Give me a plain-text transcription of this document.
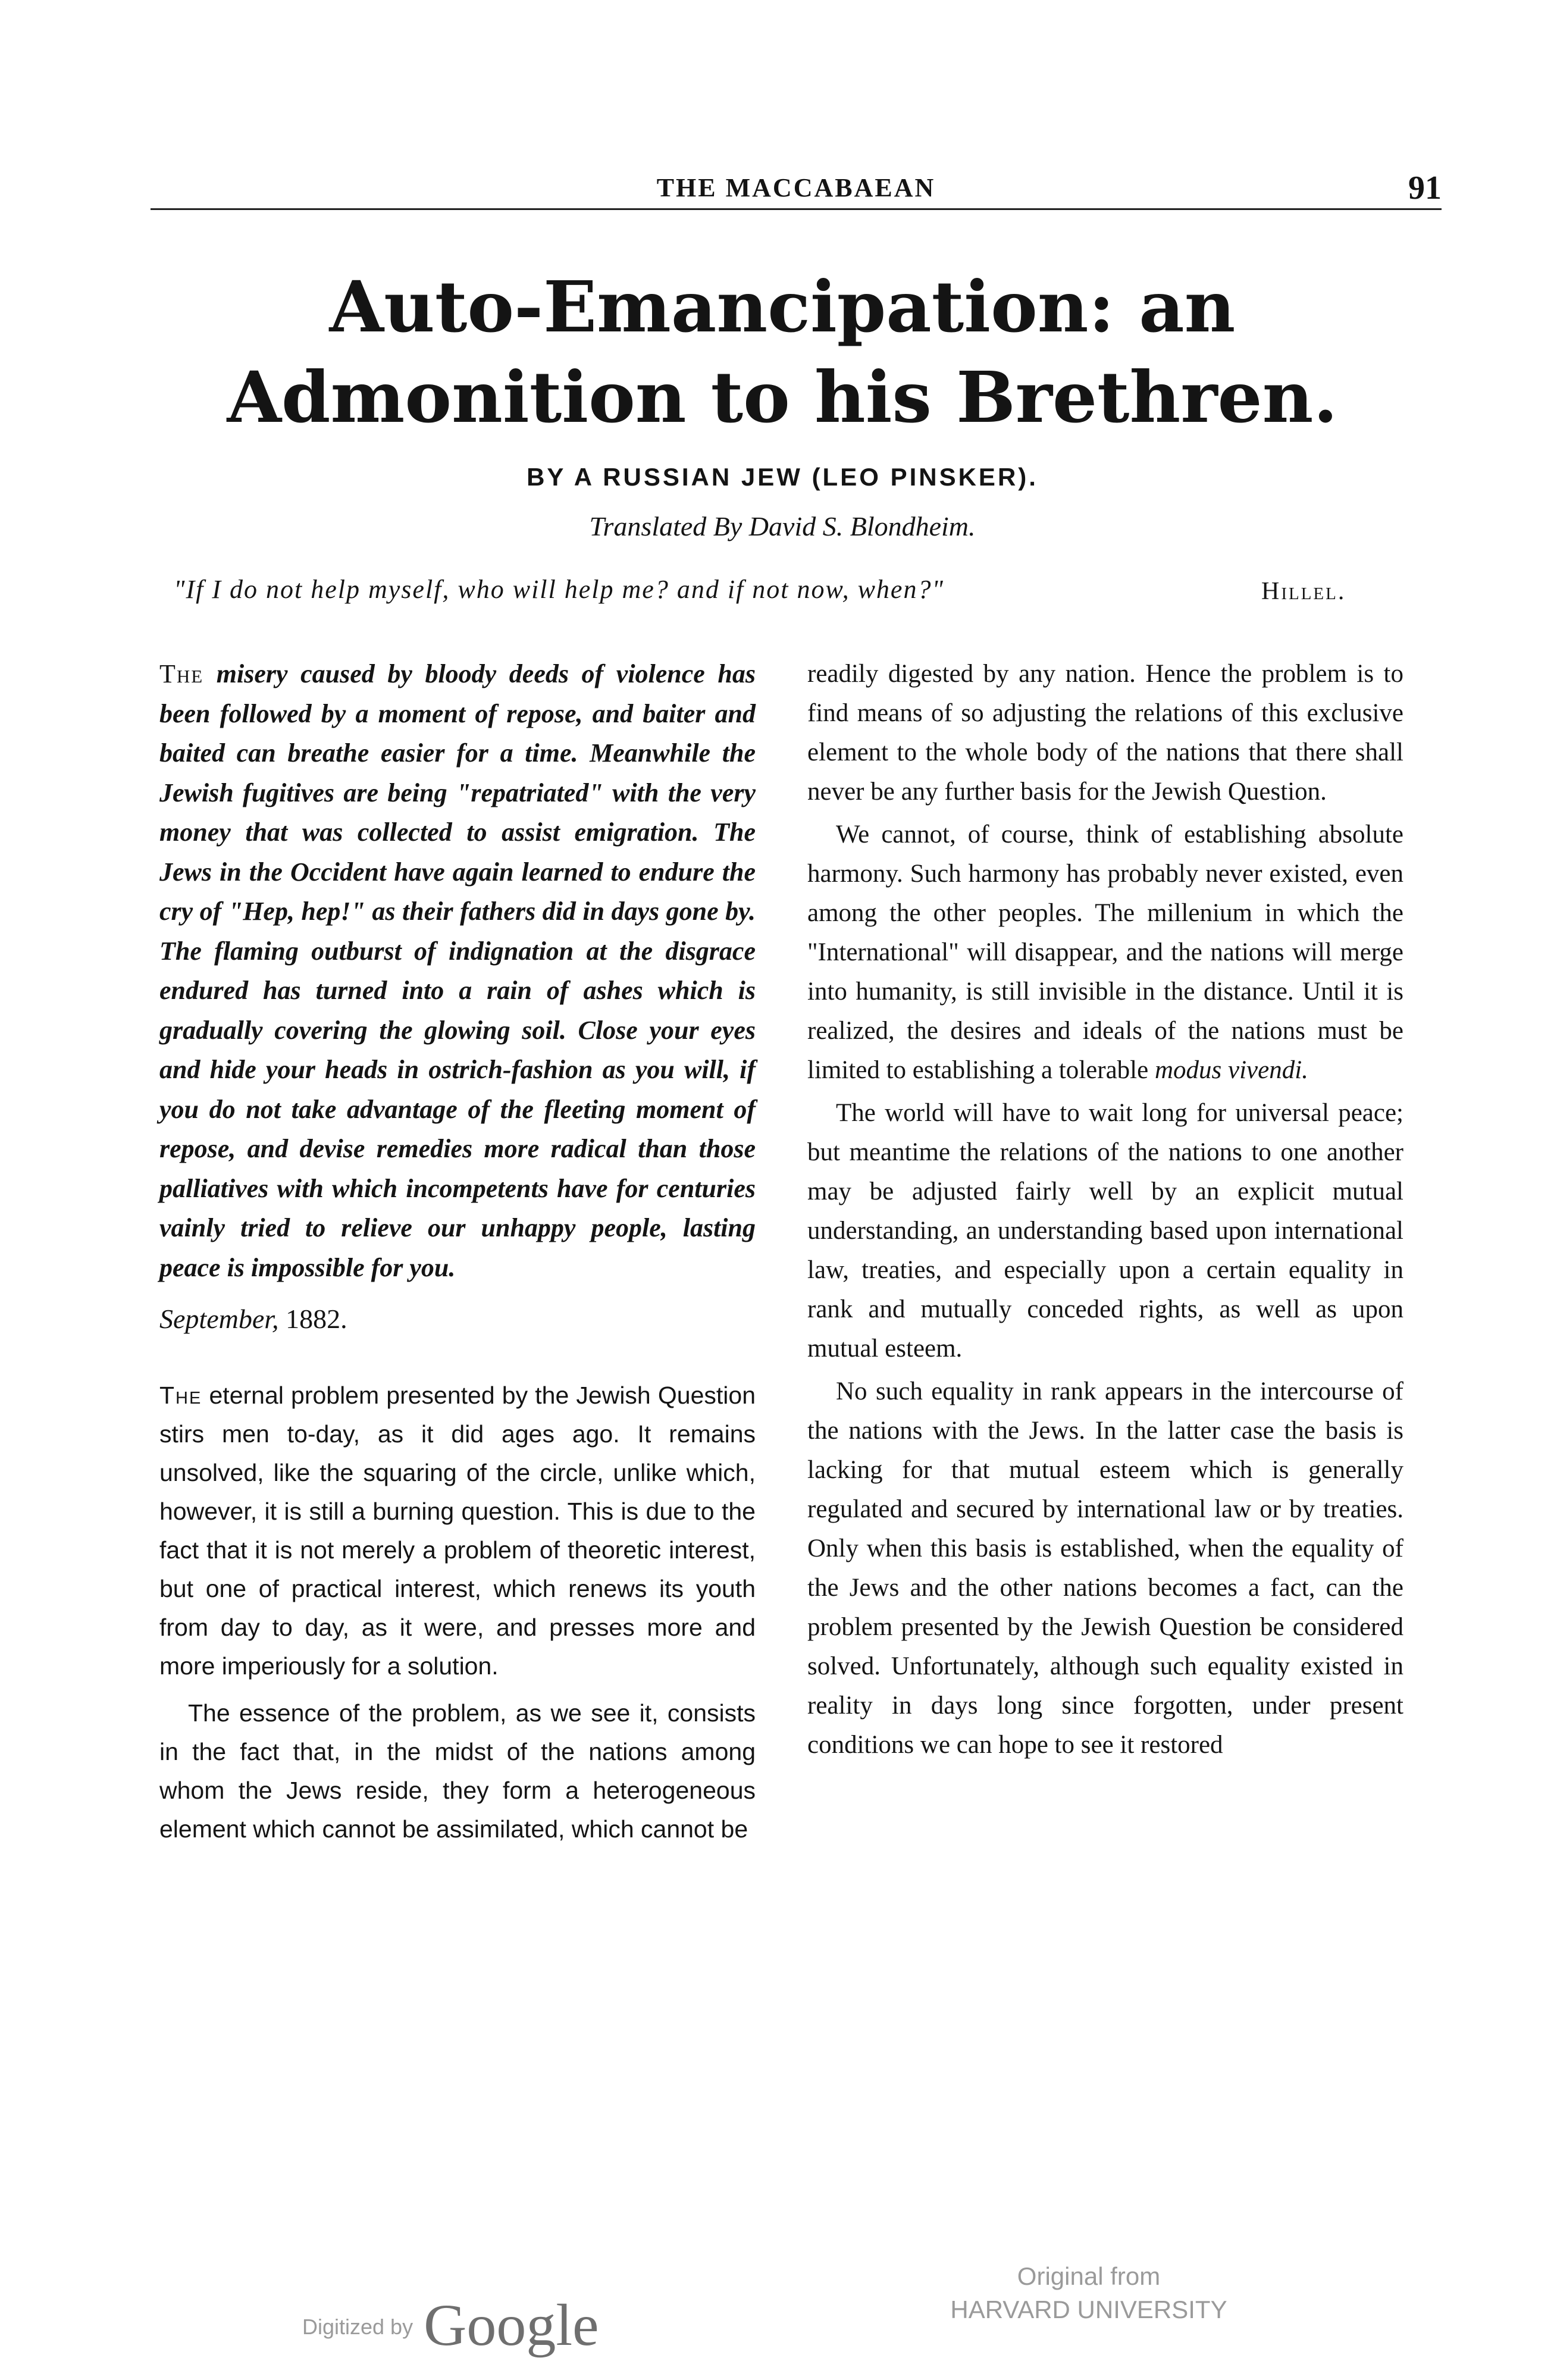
THE MACCABAEAN	91
Auto-Emancipation: an Admonition to his Brethren.
BY A RUSSIAN JEW (LEO PINSKER).
Translated By David S. Blondheim.
"If I do not help myself, who will help me? and if not now, when?"	Hillel.

The misery caused by bloody deeds of violence has been followed by a moment of repose, and baiter and baited can breathe easier for a time. Meanwhile the Jewish fugitives are being "repatriated" with the very money that was collected to assist emigration. The Jews in the Occident have again learned to endure the cry of "Hep, hep!" as their fathers did in days gone by. The flaming outburst of indignation at the disgrace endured has turned into a rain of ashes which is gradually covering the glowing soil. Close your eyes and hide your heads in ostrich-fashion as you will, if you do not take advantage of the fleeting moment of repose, and devise remedies more radical than those palliatives with which incompetents have for centuries vainly tried to relieve our unhappy people, lasting peace is impossible for you.

September, 1882.

The eternal problem presented by the Jewish Question stirs men to-day, as it did ages ago. It remains unsolved, like the squaring of the circle, unlike which, however, it is still a burning question. This is due to the fact that it is not merely a problem of theoretic interest, but one of practical interest, which renews its youth from day to day, as it were, and presses more and more imperiously for a solution.

The essence of the problem, as we see it, consists in the fact that, in the midst of the nations among whom the Jews reside, they form a heterogeneous element which cannot be assimilated, which cannot be

readily digested by any nation. Hence the problem is to find means of so adjusting the relations of this exclusive element to the whole body of the nations that there shall never be any further basis for the Jewish Question.

We cannot, of course, think of establishing absolute harmony. Such harmony has probably never existed, even among the other peoples. The millenium in which the "International" will disappear, and the nations will merge into humanity, is still invisible in the distance. Until it is realized, the desires and ideals of the nations must be limited to establishing a tolerable modus vivendi.

The world will have to wait long for universal peace; but meantime the relations of the nations to one another may be adjusted fairly well by an explicit mutual understanding, an understanding based upon international law, treaties, and especially upon a certain equality in rank and mutually conceded rights, as well as upon mutual esteem.

No such equality in rank appears in the intercourse of the nations with the Jews. In the latter case the basis is lacking for that mutual esteem which is generally regulated and secured by international law or by treaties. Only when this basis is established, when the equality of the Jews and the other nations becomes a fact, can the problem presented by the Jewish Question be considered solved. Unfortunately, although such equality existed in reality in days long since forgotten, under present conditions we can hope to see it restored

Digitized by Google
Original from
HARVARD UNIVERSITY
